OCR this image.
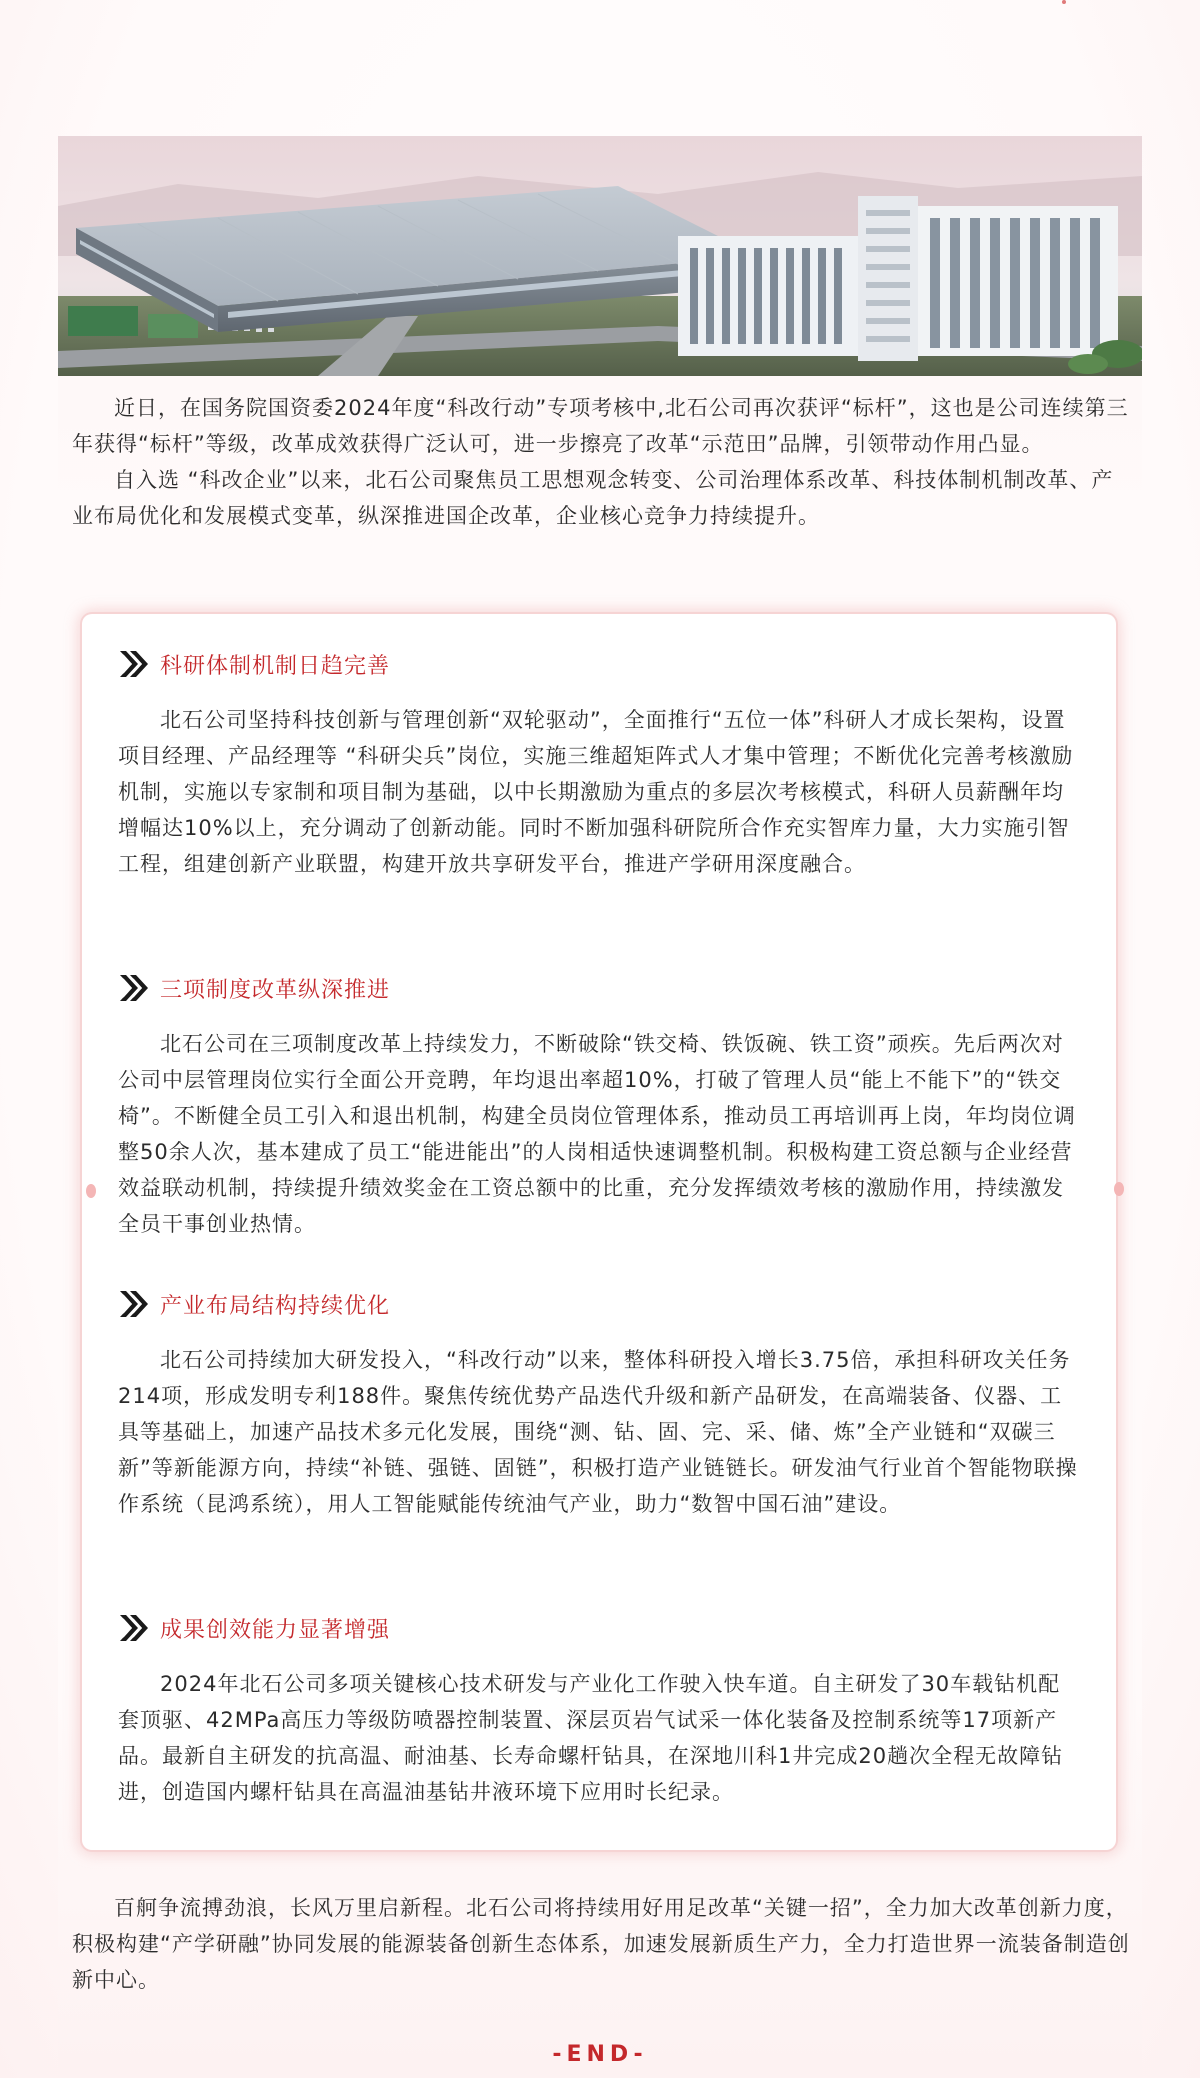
近日，在国务院国资委2024年度“科改行动”专项考核中,北石公司再次获评“标杆”，这也是公司连续第三年获得“标杆”等级，改革成效获得广泛认可，进一步擦亮了改革“示范田”品牌，引领带动作用凸显。

自入选 “科改企业”以来，北石公司聚焦员工思想观念转变、公司治理体系改革、科技体制机制改革、产业布局优化和发展模式变革，纵深推进国企改革，企业核心竞争力持续提升。

科研体制机制日趋完善

北石公司坚持科技创新与管理创新“双轮驱动”，全面推行“五位一体”科研人才成长架构，设置项目经理、产品经理等 “科研尖兵”岗位，实施三维超矩阵式人才集中管理；不断优化完善考核激励机制，实施以专家制和项目制为基础，以中长期激励为重点的多层次考核模式，科研人员薪酬年均增幅达10%以上，充分调动了创新动能。同时不断加强科研院所合作充实智库力量，大力实施引智工程，组建创新产业联盟，构建开放共享研发平台，推进产学研用深度融合。

三项制度改革纵深推进

北石公司在三项制度改革上持续发力，不断破除“铁交椅、铁饭碗、铁工资”顽疾。先后两次对公司中层管理岗位实行全面公开竞聘，年均退出率超10%，打破了管理人员“能上不能下”的“铁交椅”。不断健全员工引入和退出机制，构建全员岗位管理体系，推动员工再培训再上岗，年均岗位调整50余人次，基本建成了员工“能进能出”的人岗相适快速调整机制。积极构建工资总额与企业经营效益联动机制，持续提升绩效奖金在工资总额中的比重，充分发挥绩效考核的激励作用，持续激发全员干事创业热情。

产业布局结构持续优化

北石公司持续加大研发投入，“科改行动”以来，整体科研投入增长3.75倍，承担科研攻关任务214项，形成发明专利188件。聚焦传统优势产品迭代升级和新产品研发，在高端装备、仪器、工具等基础上，加速产品技术多元化发展，围绕“测、钻、固、完、采、储、炼”全产业链和“双碳三新”等新能源方向，持续“补链、强链、固链”，积极打造产业链链长。研发油气行业首个智能物联操作系统（昆鸿系统），用人工智能赋能传统油气产业，助力“数智中国石油”建设。

成果创效能力显著增强

2024年北石公司多项关键核心技术研发与产业化工作驶入快车道。自主研发了30车载钻机配套顶驱、42MPa高压力等级防喷器控制装置、深层页岩气试采一体化装备及控制系统等17项新产品。最新自主研发的抗高温、耐油基、长寿命螺杆钻具，在深地川科1井完成20趟次全程无故障钻进，创造国内螺杆钻具在高温油基钻井液环境下应用时长纪录。

百舸争流搏劲浪，长风万里启新程。北石公司将持续用好用足改革“关键一招”，全力加大改革创新力度，积极构建“产学研融”协同发展的能源装备创新生态体系，加速发展新质生产力，全力打造世界一流装备制造创新中心。

-END-
